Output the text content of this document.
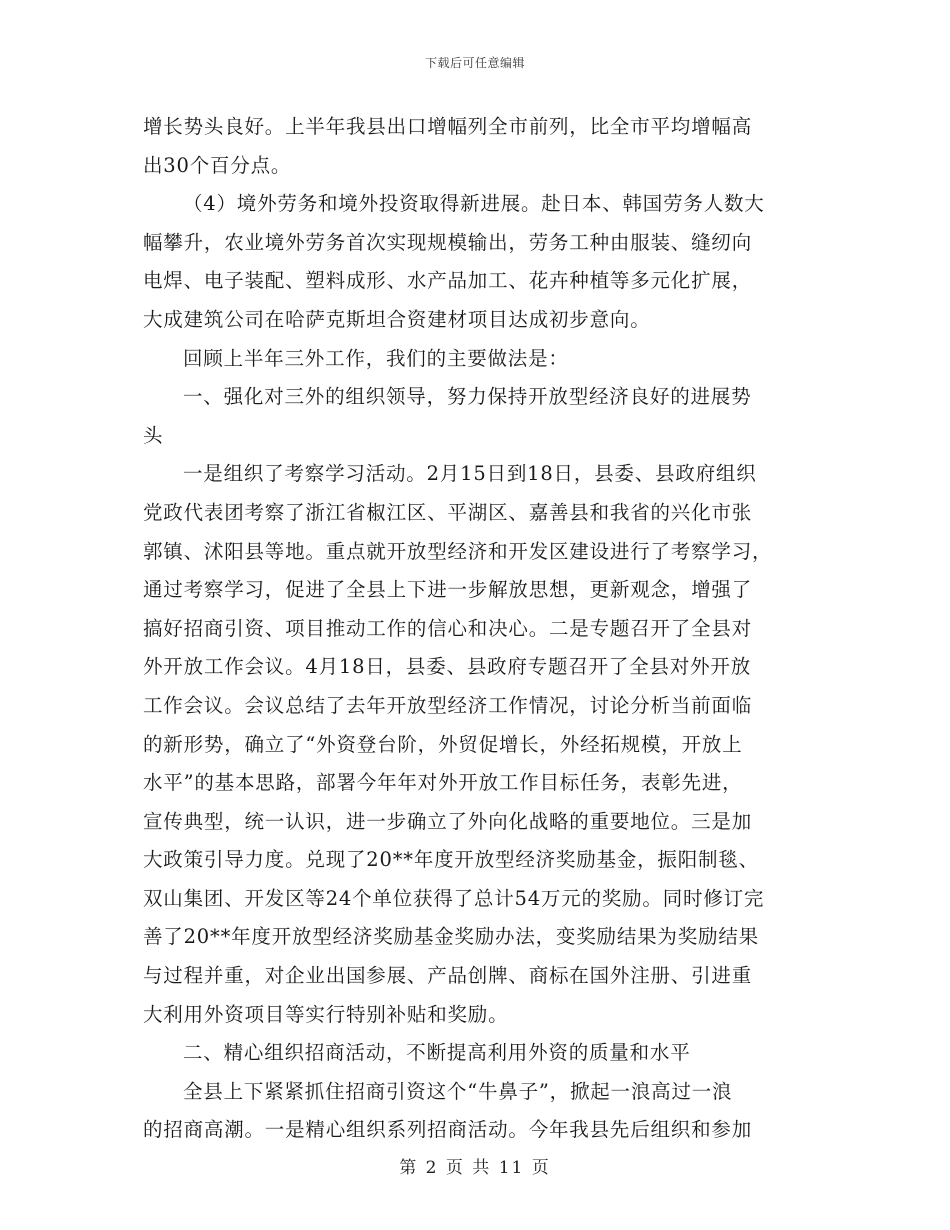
下载后可任意编辑
增长势头良好。上半年我县出口增幅列全市前列，比全市平均增幅高
出30个百分点。
（4）境外劳务和境外投资取得新进展。赴日本、韩国劳务人数大
幅攀升，农业境外劳务首次实现规模输出，劳务工种由服装、缝纫向
电焊、电子装配、塑料成形、水产品加工、花卉种植等多元化扩展，
大成建筑公司在哈萨克斯坦合资建材项目达成初步意向。
回顾上半年三外工作，我们的主要做法是：
一、强化对三外的组织领导，努力保持开放型经济良好的进展势
头
一是组织了考察学习活动。2月15日到18日，县委、县政府组织
党政代表团考察了浙江省椒江区、平湖区、嘉善县和我省的兴化市张
郭镇、沭阳县等地。重点就开放型经济和开发区建设进行了考察学习，
通过考察学习，促进了全县上下进一步解放思想，更新观念，增强了
搞好招商引资、项目推动工作的信心和决心。二是专题召开了全县对
外开放工作会议。4月18日，县委、县政府专题召开了全县对外开放
工作会议。会议总结了去年开放型经济工作情况，讨论分析当前面临
的新形势，确立了“外资登台阶，外贸促增长，外经拓规模，开放上
水平”的基本思路，部署今年年对外开放工作目标任务，表彰先进，
宣传典型，统一认识，进一步确立了外向化战略的重要地位。三是加
大政策引导力度。兑现了20**年度开放型经济奖励基金，振阳制毯、
双山集团、开发区等24个单位获得了总计54万元的奖励。同时修订完
善了20**年度开放型经济奖励基金奖励办法，变奖励结果为奖励结果
与过程并重，对企业出国参展、产品创牌、商标在国外注册、引进重
大利用外资项目等实行特别补贴和奖励。
二、精心组织招商活动，不断提高利用外资的质量和水平
全县上下紧紧抓住招商引资这个“牛鼻子”，掀起一浪高过一浪
的招商高潮。一是精心组织系列招商活动。今年我县先后组织和参加
第 2 页 共 11 页
